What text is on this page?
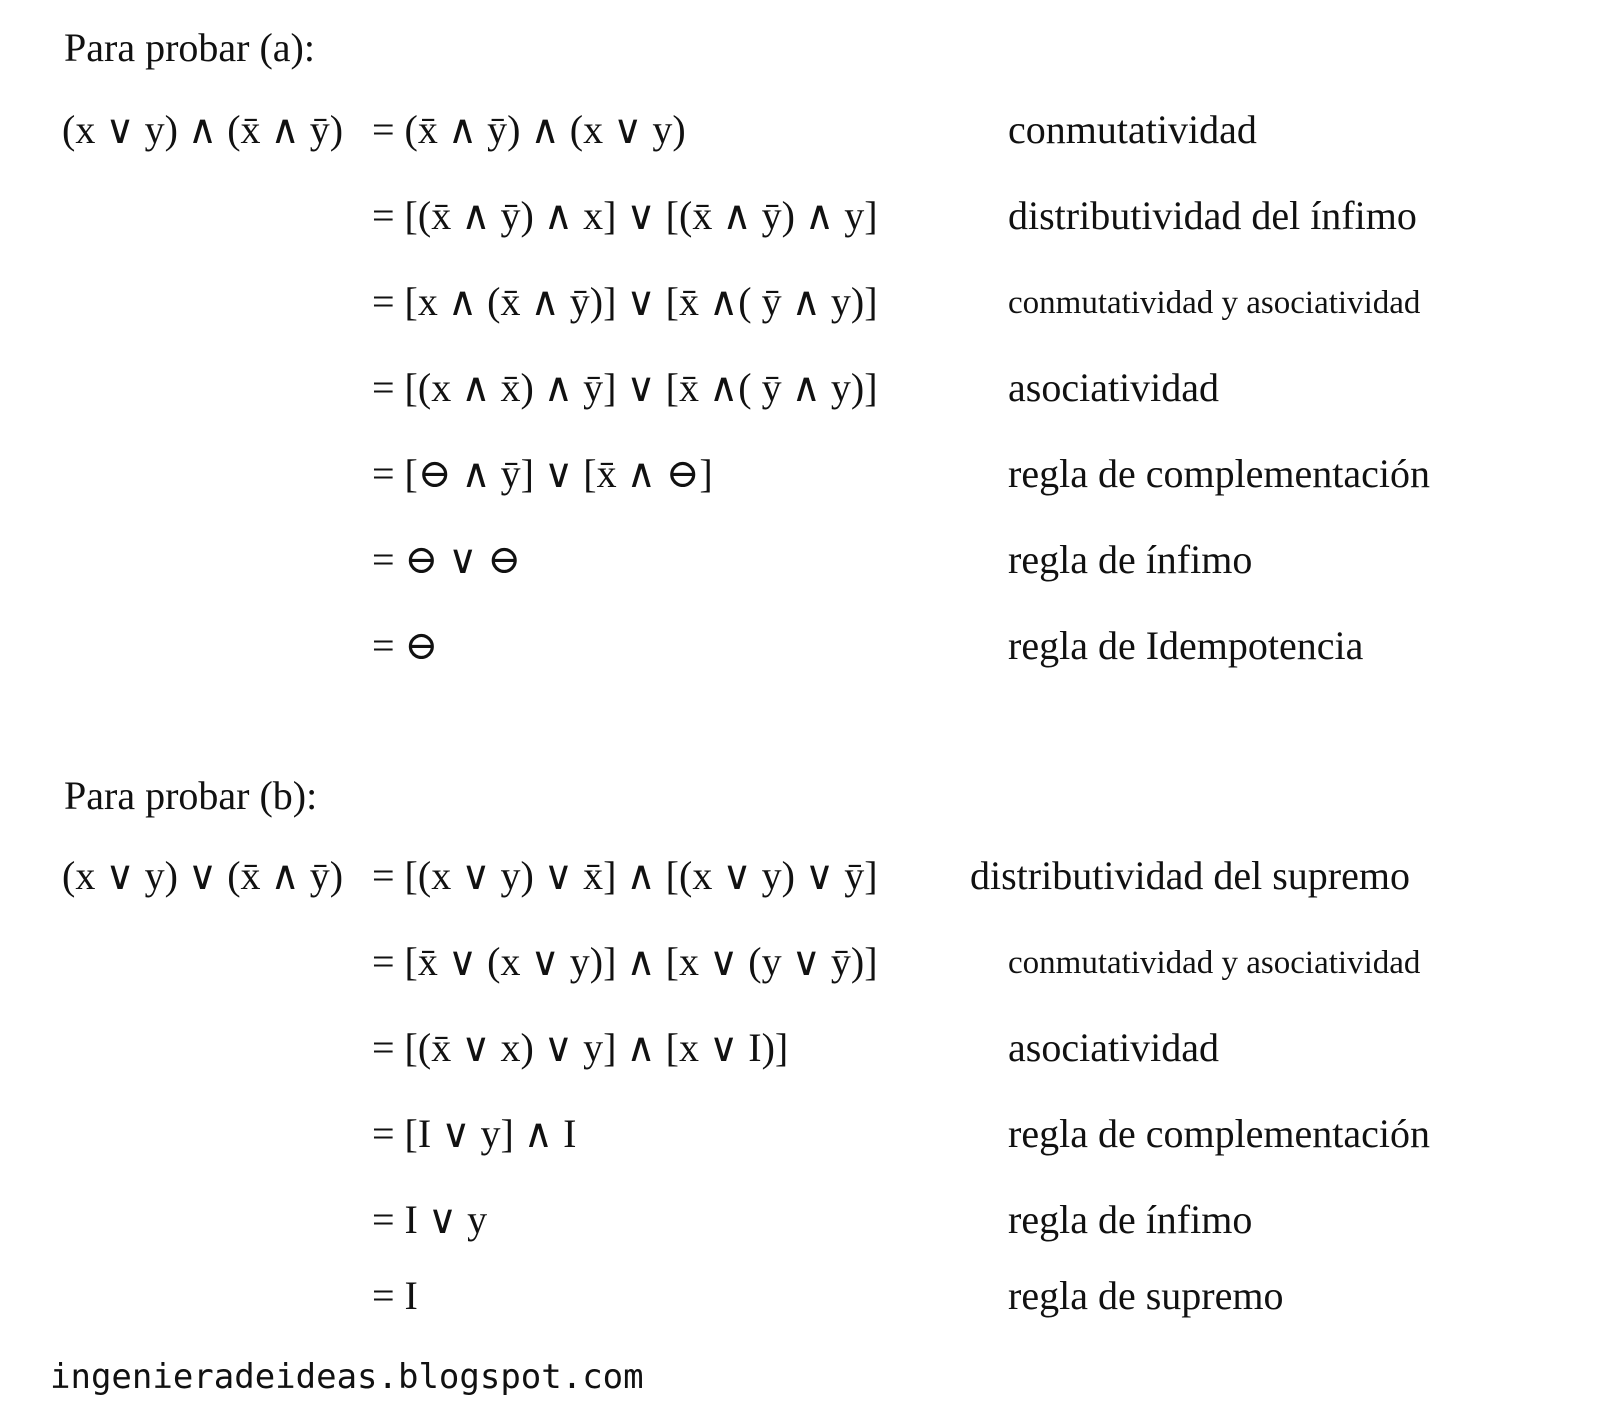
Para probar (a):
(x ∨ y) ∧ (x̄ ∧ ȳ) = (x̄ ∧ ȳ) ∧ (x ∨ y)	conmutatividad
= [(x̄ ∧ ȳ) ∧ x] ∨ [(x̄ ∧ ȳ) ∧ y]	distributividad del ínfimo
= [x ∧ (x̄ ∧ ȳ)] ∨ [x̄ ∧( ȳ ∧ y)]	conmutatividad y asociatividad
= [(x ∧ x̄) ∧ ȳ] ∨ [x̄ ∧( ȳ ∧ y)]	asociatividad
= [⊖ ∧ ȳ] ∨ [x̄ ∧ ⊖]	regla de complementación
= ⊖ ∨ ⊖	regla de ínfimo
= ⊖	regla de Idempotencia
Para probar (b):
(x ∨ y) ∨ (x̄ ∧ ȳ) = [(x ∨ y) ∨ x̄] ∧ [(x ∨ y) ∨ ȳ] distributividad del supremo
= [x̄ ∨ (x ∨ y)] ∧ [x ∨ (y ∨ ȳ)]	conmutatividad y asociatividad
= [(x̄ ∨ x) ∨ y] ∧ [x ∨ I)]	asociatividad
= [I ∨ y] ∧ I	regla de complementación
= I ∨ y	regla de ínfimo
= I	regla de supremo
ingenieradeideas.blogspot.com
